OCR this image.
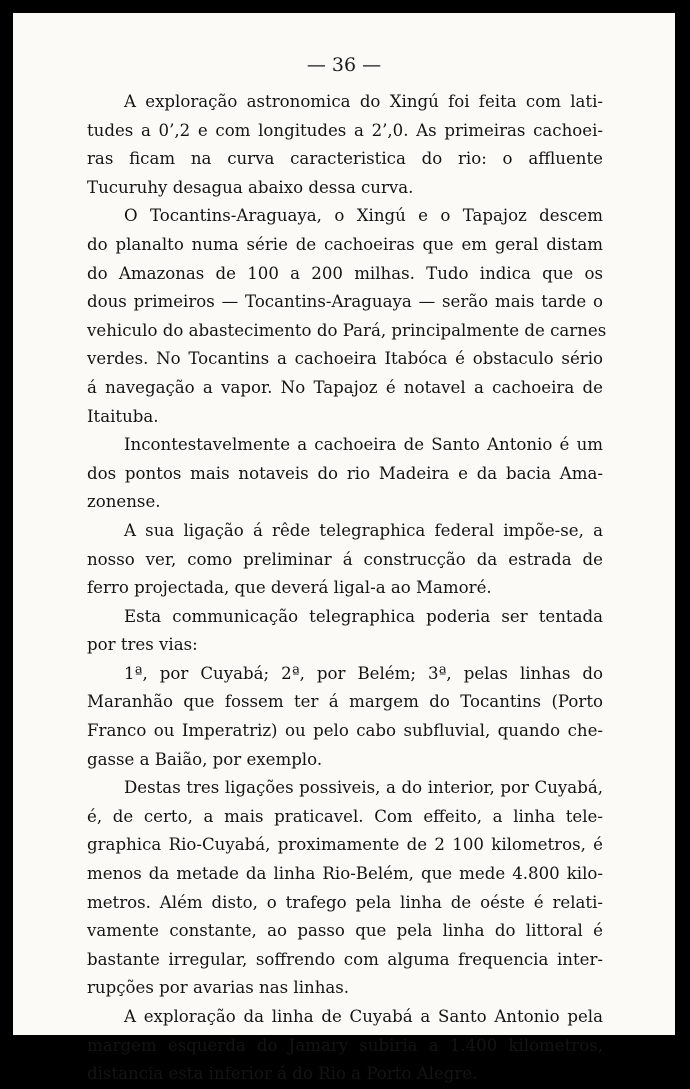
— 36 —
A exploração astronomica do Xingú foi feita com lati-
tudes a 0’,2 e com longitudes a 2’,0. As primeiras cachoei-
ras ficam na curva caracteristica do rio: o affluente
Tucuruhy desagua abaixo dessa curva.
O Tocantins-Araguaya, o Xingú e o Tapajoz descem
do planalto numa série de cachoeiras que em geral distam
do Amazonas de 100 a 200 milhas. Tudo indica que os
dous primeiros — Tocantins-Araguaya — serão mais tarde o
vehiculo do abastecimento do Pará, principalmente de carnes
verdes. No Tocantins a cachoeira Itabóca é obstaculo sério
á navegação a vapor. No Tapajoz é notavel a cachoeira de
Itaituba.
Incontestavelmente a cachoeira de Santo Antonio é um
dos pontos mais notaveis do rio Madeira e da bacia Ama-
zonense.
A sua ligação á rêde telegraphica federal impõe-se, a
nosso ver, como preliminar á construcção da estrada de
ferro projectada, que deverá ligal-a ao Mamoré.
Esta communicação telegraphica poderia ser tentada
por tres vias:
1ª, por Cuyabá; 2ª, por Belém; 3ª, pelas linhas do
Maranhão que fossem ter á margem do Tocantins (Porto
Franco ou Imperatriz) ou pelo cabo subfluvial, quando che-
gasse a Baião, por exemplo.
Destas tres ligações possiveis, a do interior, por Cuyabá,
é, de certo, a mais praticavel. Com effeito, a linha tele-
graphica Rio-Cuyabá, proximamente de 2 100 kilometros, é
menos da metade da linha Rio-Belém, que mede 4.800 kilo-
metros. Além disto, o trafego pela linha de oéste é relati-
vamente constante, ao passo que pela linha do littoral é
bastante irregular, soffrendo com alguma frequencia inter-
rupções por avarias nas linhas.
A exploração da linha de Cuyabá a Santo Antonio pela
margem esquerda do Jamary subiria a 1.400 kilometros,
distancia esta inferior á do Rio a Porto Alegre.
